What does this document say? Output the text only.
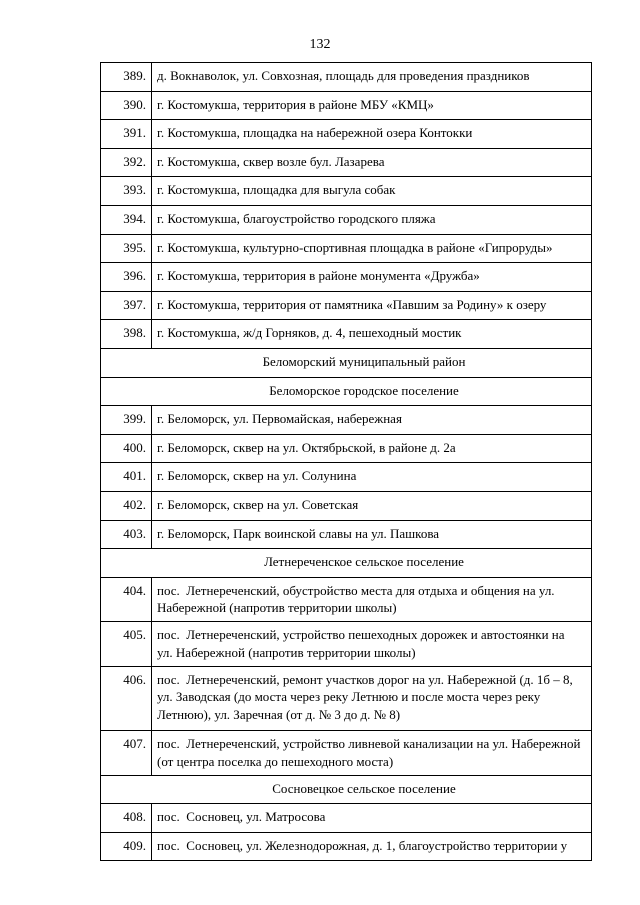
132
389. д. Вокнаволок, ул. Совхозная, площадь для проведения праздников
390. г. Костомукша, территория в районе МБУ «КМЦ»
391. г. Костомукша, площадка на набережной озера Контокки
392. г. Костомукша, сквер возле бул. Лазарева
393. г. Костомукша, площадка для выгула собак
394. г. Костомукша, благоустройство городского пляжа
395. г. Костомукша, культурно-спортивная площадка в районе «Гипроруды»
396. г. Костомукша, территория в районе монумента «Дружба»
397. г. Костомукша, территория от памятника «Павшим за Родину» к озеру
398. г. Костомукша, ж/д Горняков, д. 4, пешеходный мостик
Беломорский муниципальный район
Беломорское городское поселение
399. г. Беломорск, ул. Первомайская, набережная
400. г. Беломорск, сквер на ул. Октябрьской, в районе д. 2а
401. г. Беломорск, сквер на ул. Солунина
402. г. Беломорск, сквер на ул. Советская
403. г. Беломорск, Парк воинской славы на ул. Пашкова
Летнереченское сельское поселение
404. пос.  Летнереченский, обустройство места для отдыха и общения на ул.
Набережной (напротив территории школы)
405. пос.  Летнереченский, устройство пешеходных дорожек и автостоянки на
ул. Набережной (напротив территории школы)
406. пос.  Летнереченский, ремонт участков дорог на ул. Набережной (д. 1б – 8,
ул. Заводская (до моста через реку Летнюю и после моста через реку
Летнюю), ул. Заречная (от д. № 3 до д. № 8)
407. пос.  Летнереченский, устройство ливневой канализации на ул. Набережной
(от центра поселка до пешеходного моста)
Сосновецкое сельское поселение
408. пос.  Сосновец, ул. Матросова
409. пос.  Сосновец, ул. Железнодорожная, д. 1, благоустройство территории у
